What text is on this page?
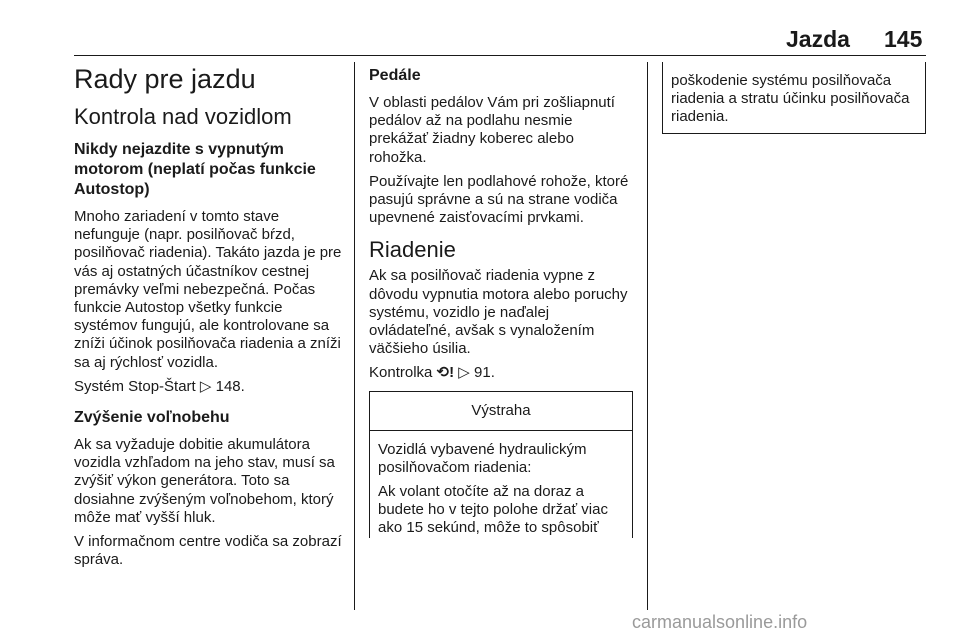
Jazda 145
Rady pre jazdu
Kontrola nad vozidlom
Nikdy nejazdite s vypnutým motorom (neplatí počas funkcie Autostop)

Mnoho zariadení v tomto stave nefunguje (napr. posilňovač bŕzd, posilňovač riadenia). Takáto jazda je pre vás aj ostatných účastníkov cestnej premávky veľmi nebezpečná. Počas funkcie Autostop všetky funkcie systémov fungujú, ale kontrolovane sa zníži účinok posilňovača riadenia a zníži sa aj rýchlosť vozidla.

Systém Stop-Štart ▷ 148.

Zvýšenie voľnobehu

Ak sa vyžaduje dobitie akumulátora vozidla vzhľadom na jeho stav, musí sa zvýšiť výkon generátora. Toto sa dosiahne zvýšeným voľnobehom, ktorý môže mať vyšší hluk.

V informačnom centre vodiča sa zobrazí správa.

Pedále

V oblasti pedálov Vám pri zošliapnutí pedálov až na podlahu nesmie prekážať žiadny koberec alebo rohožka.

Používajte len podlahové rohože, ktoré pasujú správne a sú na strane vodiča upevnené zaisťovacími prvkami.

Riadenie

Ak sa posilňovač riadenia vypne z dôvodu vypnutia motora alebo poruchy systému, vozidlo je naďalej ovládateľné, avšak s vynaložením väčšieho úsilia.

Kontrolka ⟲! ▷ 91.

Výstraha

Vozidlá vybavené hydraulickým posilňovačom riadenia:

Ak volant otočíte až na doraz a budete ho v tejto polohe držať viac ako 15 sekúnd, môže to spôsobiť

poškodenie systému posilňovača riadenia a stratu účinku posilňovača riadenia.

carmanualsonline.info
